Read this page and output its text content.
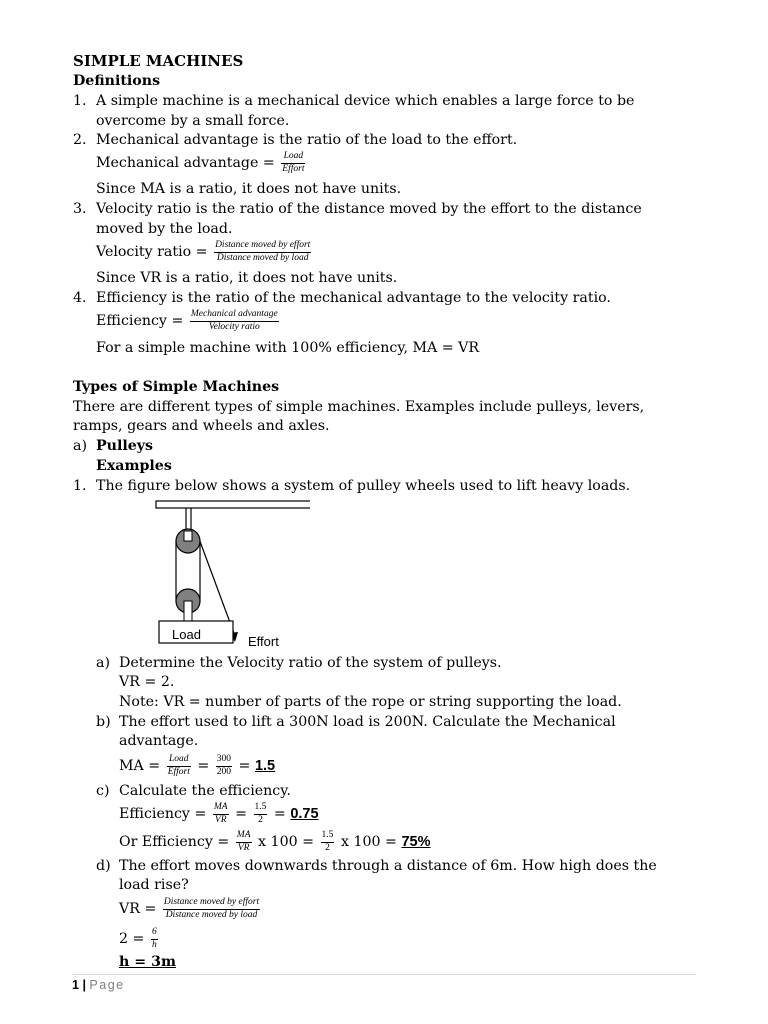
SIMPLE MACHINES
Definitions
1. A simple machine is a mechanical device which enables a large force to be
overcome by a small force.
2. Mechanical advantage is the ratio of the load to the effort.
Mechanical advantage = $\frac{\text{Load}}{\text{Effort}}$
Since MA is a ratio, it does not have units.
3. Velocity ratio is the ratio of the distance moved by the effort to the distance
moved by the load.
Velocity ratio = $\frac{\text{Distance moved by effort}}{\text{Distance moved by load}}$
Since VR is a ratio, it does not have units.
4. Efficiency is the ratio of the mechanical advantage to the velocity ratio.
Efficiency = $\frac{\text{Mechanical advantage}}{\text{Velocity ratio}}$
For a simple machine with 100% efficiency, MA = VR
Types of Simple Machines
There are different types of simple machines. Examples include pulleys, levers,
ramps, gears and wheels and axles.
a) Pulleys
Examples
1. The figure below shows a system of pulley wheels used to lift heavy loads.
Load	Effort
a) Determine the Velocity ratio of the system of pulleys.
VR = 2.
Note: VR = number of parts of the rope or string supporting the load.
b) The effort used to lift a 300N load is 200N. Calculate the Mechanical
advantage.
MA = $\frac{\text{Load}}{\text{Effort}} = \frac{300}{200} = 1.5$
c) Calculate the efficiency.
Efficiency = $\frac{MA}{VR} = \frac{1.5}{2} = 0.75$
Or Efficiency = $\frac{MA}{VR}$ x $100 = \frac{1.5}{2}$ x 100 = 75%
d) The effort moves downwards through a distance of 6m. How high does the
load rise?
VR = $\frac{\text{Distance moved by effort}}{\text{Distance moved by load}}$
$2 = \frac{6}{h}$
h = 3m
1 | Page
